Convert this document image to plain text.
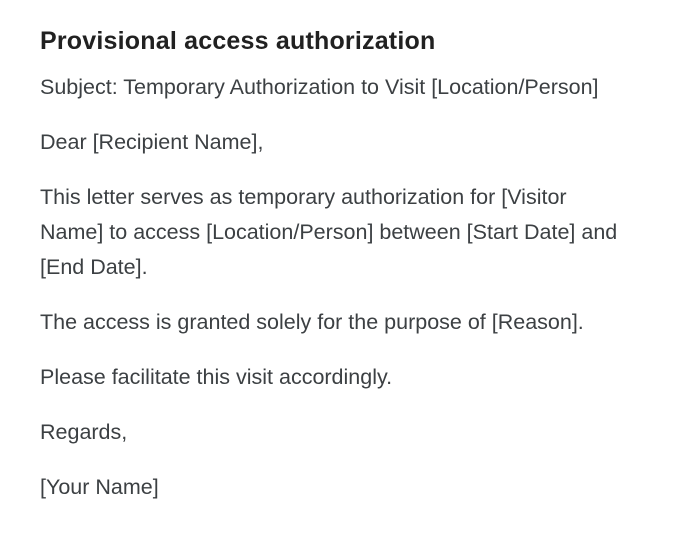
Provisional access authorization
Subject: Temporary Authorization to Visit [Location/Person]
Dear [Recipient Name],
This letter serves as temporary authorization for [Visitor
Name] to access [Location/Person] between [Start Date] and
[End Date].
The access is granted solely for the purpose of [Reason].
Please facilitate this visit accordingly.
Regards,
[Your Name]
